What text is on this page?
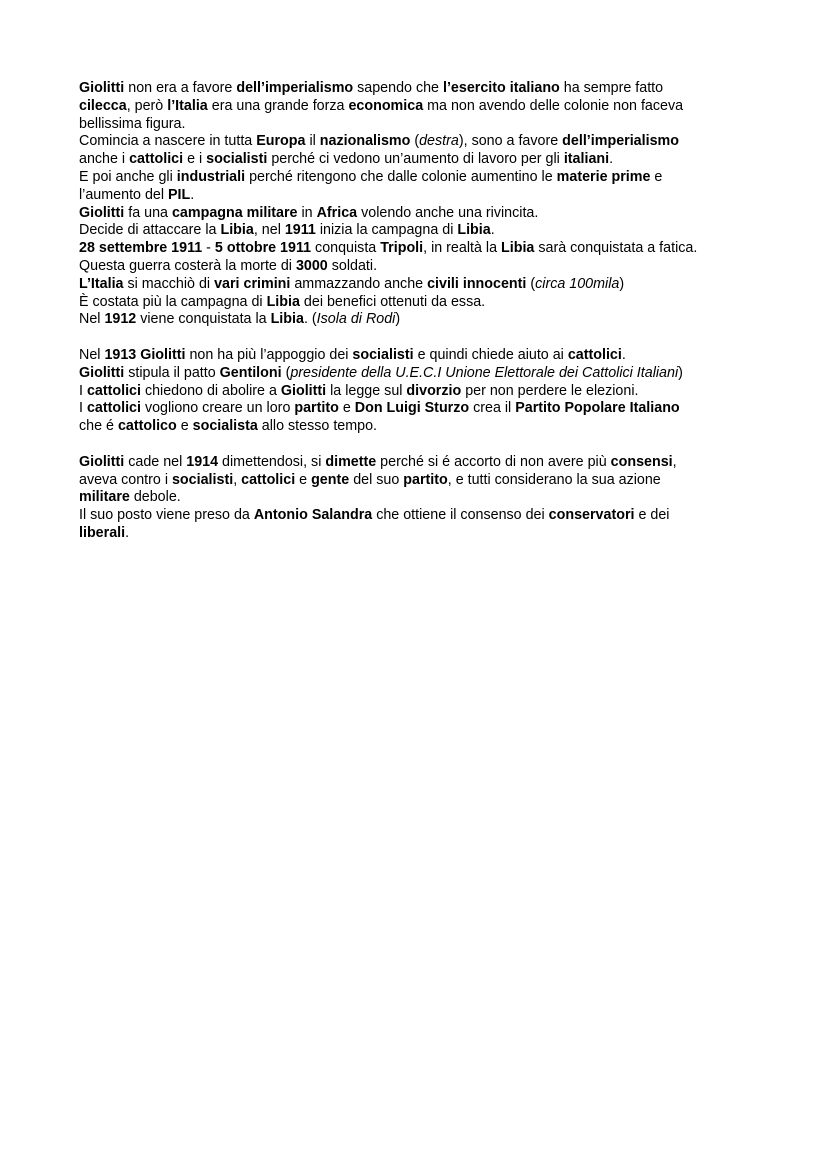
Giolitti non era a favore dell’imperialismo sapendo che l’esercito italiano ha sempre fatto
cilecca, però l’Italia era una grande forza economica ma non avendo delle colonie non faceva
bellissima figura.
Comincia a nascere in tutta Europa il nazionalismo (destra), sono a favore dell’imperialismo
anche i cattolici e i socialisti perché ci vedono un’aumento di lavoro per gli italiani.
E poi anche gli industriali perché ritengono che dalle colonie aumentino le materie prime e
l’aumento del PIL.
Giolitti fa una campagna militare in Africa volendo anche una rivincita.
Decide di attaccare la Libia, nel 1911 inizia la campagna di Libia.
28 settembre 1911 - 5 ottobre 1911 conquista Tripoli, in realtà la Libia sarà conquistata a fatica.
Questa guerra costerà la morte di 3000 soldati.
L’Italia si macchiò di vari crimini ammazzando anche civili innocenti (circa 100mila)
È costata più la campagna di Libia dei benefici ottenuti da essa.
Nel 1912 viene conquistata la Libia. (Isola di Rodi)
Nel 1913 Giolitti non ha più l’appoggio dei socialisti e quindi chiede aiuto ai cattolici.
Giolitti stipula il patto Gentiloni (presidente della U.E.C.I Unione Elettorale dei Cattolici Italiani)
I cattolici chiedono di abolire a Giolitti la legge sul divorzio per non perdere le elezioni.
I cattolici vogliono creare un loro partito e Don Luigi Sturzo crea il Partito Popolare Italiano
che é cattolico e socialista allo stesso tempo.
Giolitti cade nel 1914 dimettendosi, si dimette perché si é accorto di non avere più consensi,
aveva contro i socialisti, cattolici e gente del suo partito, e tutti considerano la sua azione
militare debole.
Il suo posto viene preso da Antonio Salandra che ottiene il consenso dei conservatori e dei
liberali.
